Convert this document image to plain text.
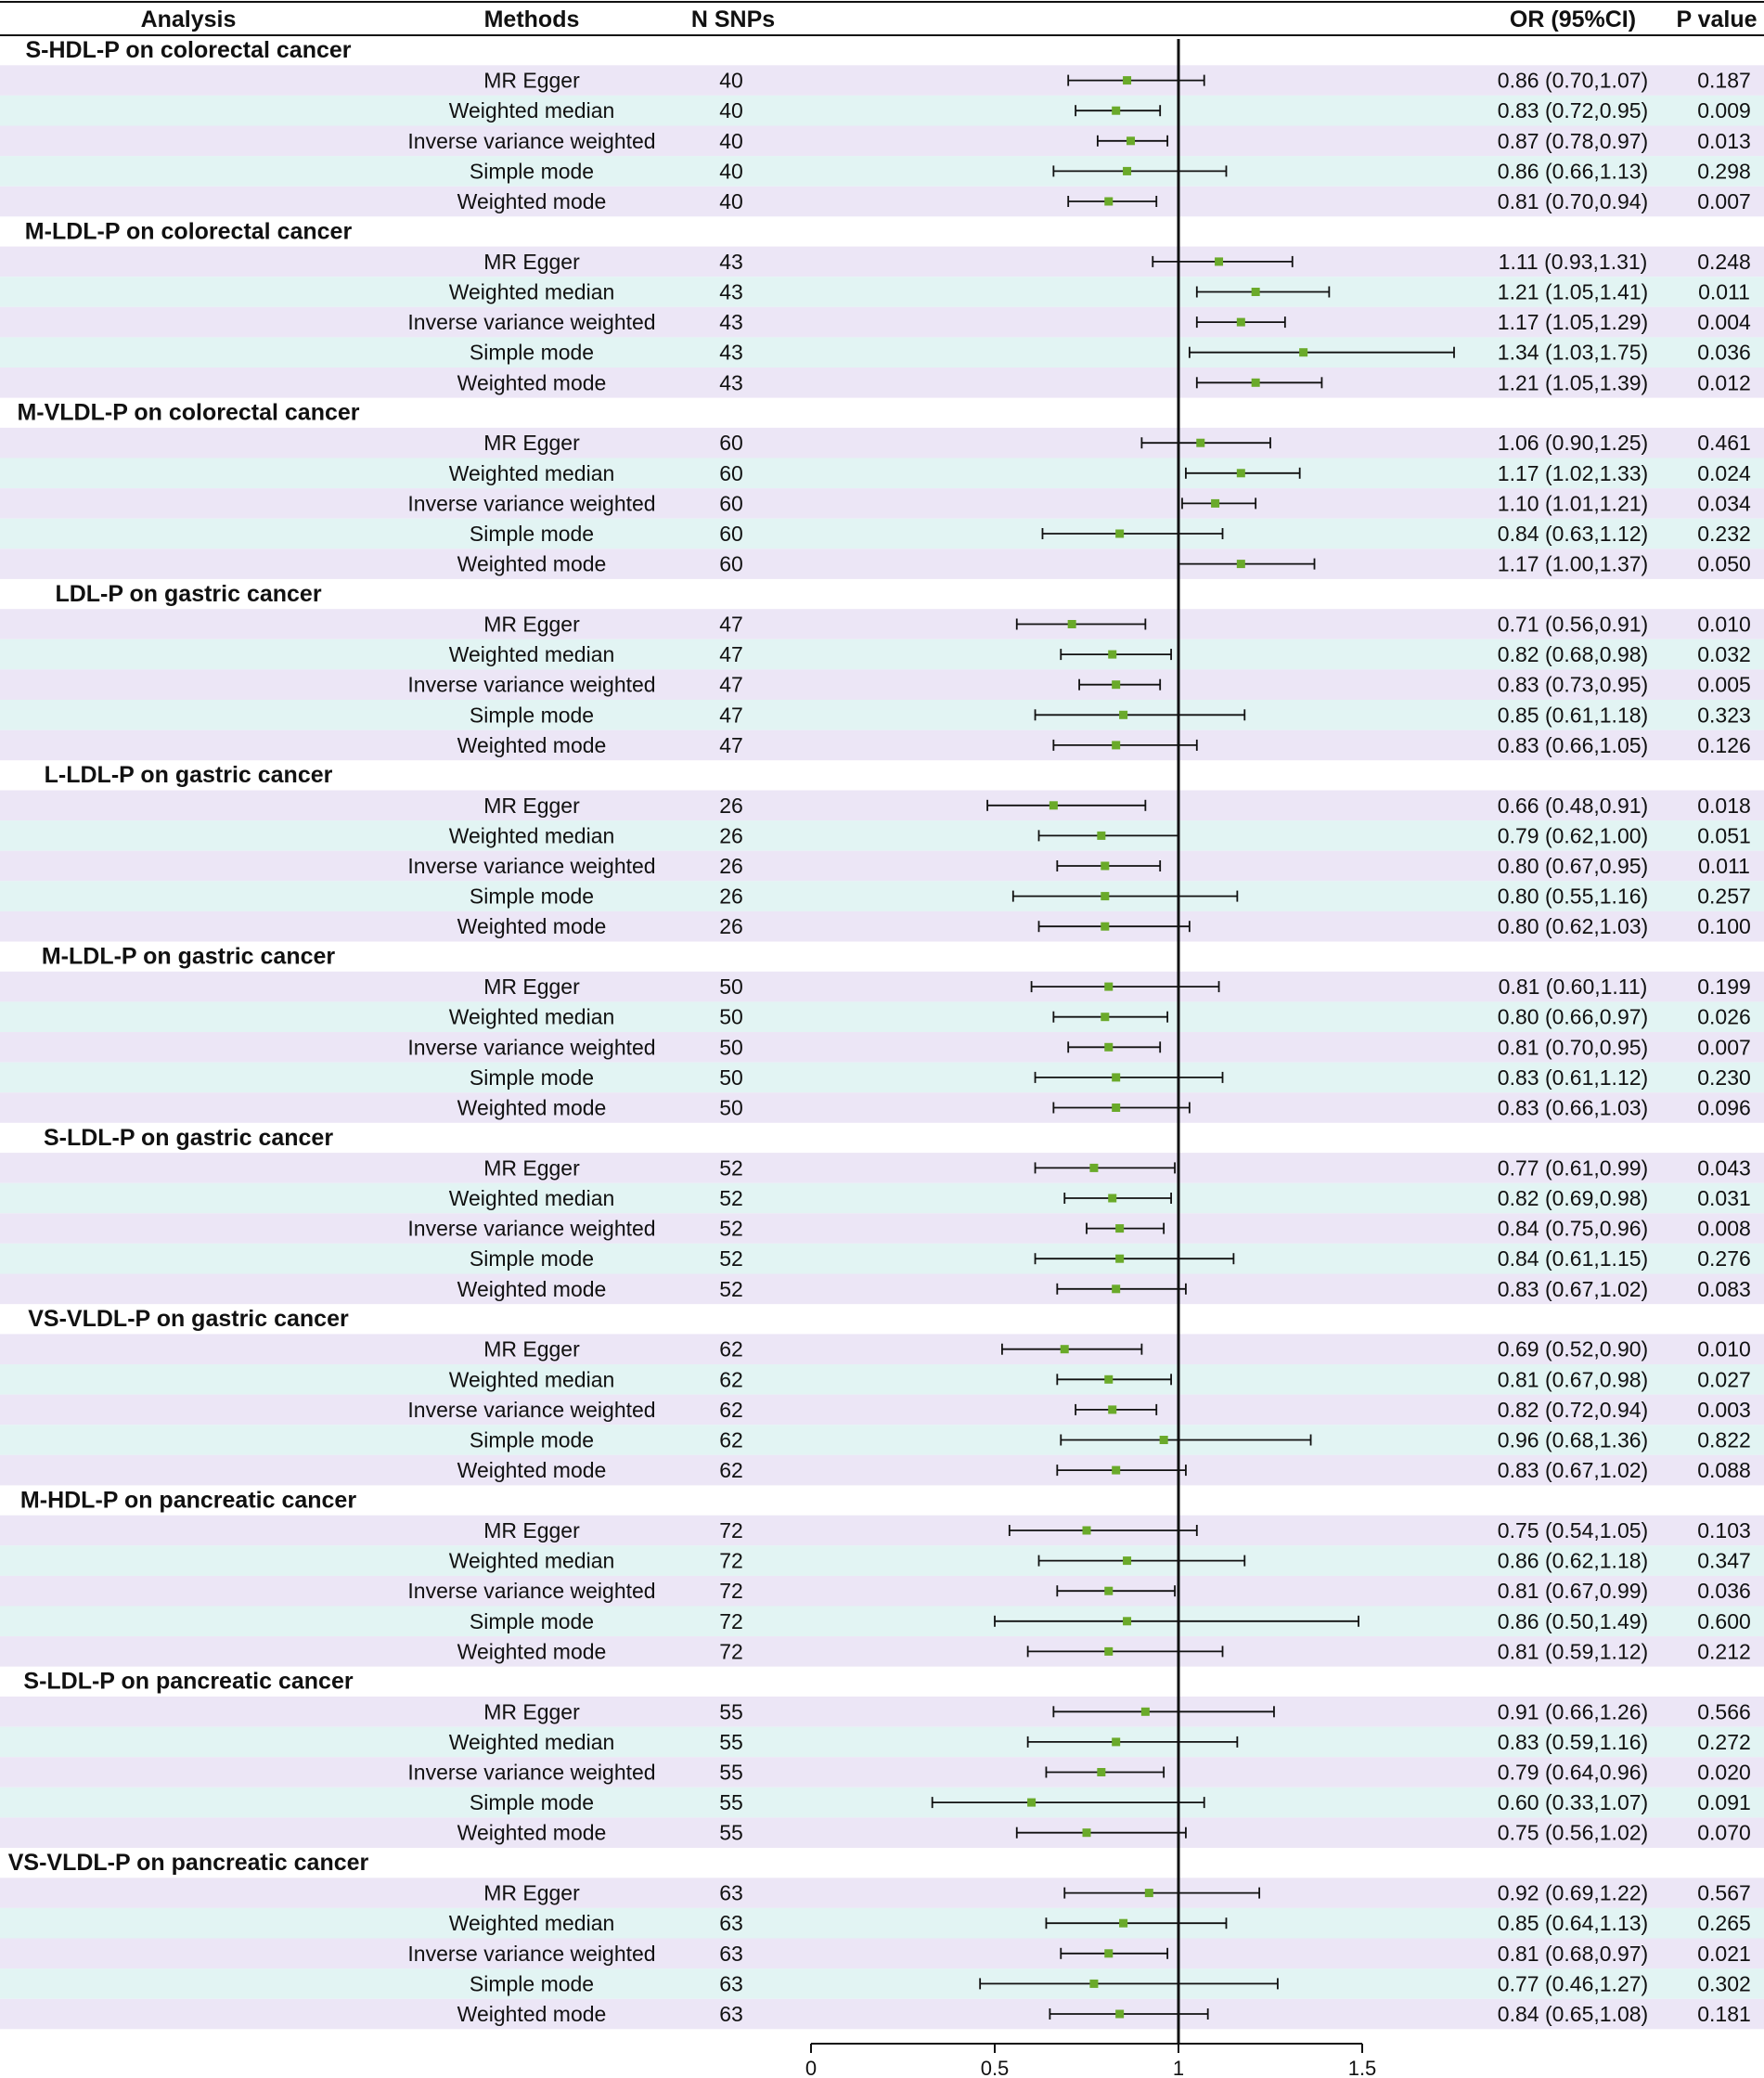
Analysis	Methods	N SNPs	OR (95%CI) P value
S-HDL-P on colorectal cancer
MR Egger	40	0.86 (0.70,1.07) 0.187
Weighted median	40	0.83 (0.72,0.95) 0.009
Inverse variance weighted	40	0.87 (0.78,0.97) 0.013
Simple mode	40	0.86 (0.66,1.13) 0.298
Weighted mode	40	0.81 (0.70,0.94) 0.007
M-LDL-P on colorectal cancer
MR Egger	43	1.11 (0.93,1.31) 0.248
Weighted median	43	1.21 (1.05,1.41) 0.011
Inverse variance weighted	43	1.17 (1.05,1.29) 0.004
Simple mode	43	1.34 (1.03,1.75) 0.036
Weighted mode	43	1.21 (1.05,1.39) 0.012
M-VLDL-P on colorectal cancer
MR Egger	60	1.06 (0.90,1.25) 0.461
Weighted median	60	1.17 (1.02,1.33) 0.024
Inverse variance weighted	60	1.10 (1.01,1.21) 0.034
Simple mode	60	0.84 (0.63,1.12) 0.232
Weighted mode	60	1.17 (1.00,1.37) 0.050
LDL-P on gastric cancer
MR Egger	47	0.71 (0.56,0.91) 0.010
Weighted median	47	0.82 (0.68,0.98) 0.032
Inverse variance weighted	47	0.83 (0.73,0.95) 0.005
Simple mode	47	0.85 (0.61,1.18) 0.323
Weighted mode	47	0.83 (0.66,1.05) 0.126
L-LDL-P on gastric cancer
MR Egger	26	0.66 (0.48,0.91) 0.018
Weighted median	26	0.79 (0.62,1.00) 0.051
Inverse variance weighted	26	0.80 (0.67,0.95) 0.011
Simple mode	26	0.80 (0.55,1.16) 0.257
Weighted mode	26	0.80 (0.62,1.03) 0.100
M-LDL-P on gastric cancer
MR Egger	50	0.81 (0.60,1.11) 0.199
Weighted median	50	0.80 (0.66,0.97) 0.026
Inverse variance weighted	50	0.81 (0.70,0.95) 0.007
Simple mode	50	0.83 (0.61,1.12) 0.230
Weighted mode	50	0.83 (0.66,1.03) 0.096
S-LDL-P on gastric cancer
MR Egger	52	0.77 (0.61,0.99) 0.043
Weighted median	52	0.82 (0.69,0.98) 0.031
Inverse variance weighted	52	0.84 (0.75,0.96) 0.008
Simple mode	52	0.84 (0.61,1.15) 0.276
Weighted mode	52	0.83 (0.67,1.02) 0.083
VS-VLDL-P on gastric cancer
MR Egger	62	0.69 (0.52,0.90) 0.010
Weighted median	62	0.81 (0.67,0.98) 0.027
Inverse variance weighted	62	0.82 (0.72,0.94) 0.003
Simple mode	62	0.96 (0.68,1.36) 0.822
Weighted mode	62	0.83 (0.67,1.02) 0.088
M-HDL-P on pancreatic cancer
MR Egger	72	0.75 (0.54,1.05) 0.103
Weighted median	72	0.86 (0.62,1.18) 0.347
Inverse variance weighted	72	0.81 (0.67,0.99) 0.036
Simple mode	72	0.86 (0.50,1.49) 0.600
Weighted mode	72	0.81 (0.59,1.12) 0.212
S-LDL-P on pancreatic cancer
MR Egger	55	0.91 (0.66,1.26) 0.566
Weighted median	55	0.83 (0.59,1.16) 0.272
Inverse variance weighted	55	0.79 (0.64,0.96) 0.020
Simple mode	55	0.60 (0.33,1.07) 0.091
Weighted mode	55	0.75 (0.56,1.02) 0.070
VS-VLDL-P on pancreatic cancer
MR Egger	63	0.92 (0.69,1.22) 0.567
Weighted median	63	0.85 (0.64,1.13) 0.265
Inverse variance weighted	63	0.81 (0.68,0.97) 0.021
Simple mode	63	0.77 (0.46,1.27) 0.302
Weighted mode	63	0.84 (0.65,1.08) 0.181
0	0.5	1	1.5
